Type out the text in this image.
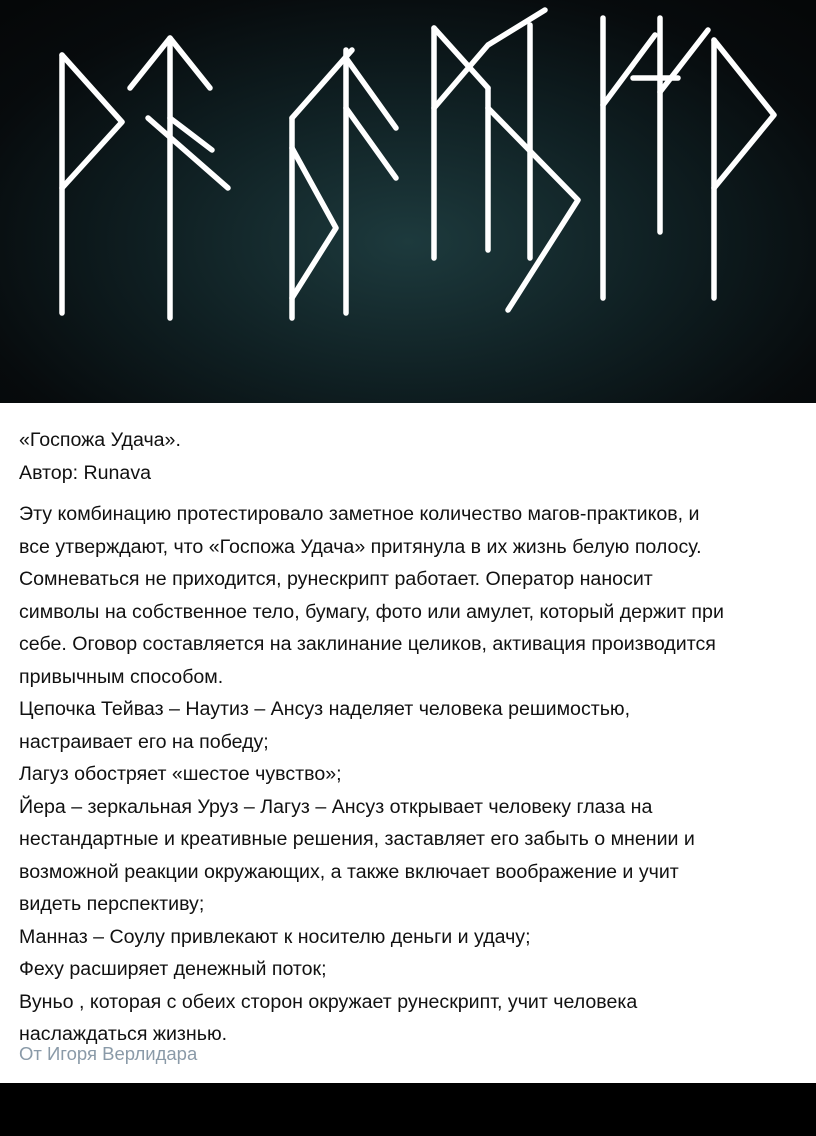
«Госпожа Удача».

Автор: Runava

Эту комбинацию протестировало заметное количество магов-практиков, и

все утверждают, что «Госпожа Удача» притянула в их жизнь белую полосу.

Сомневаться не приходится, рунескрипт работает. Оператор наносит

символы на собственное тело, бумагу, фото или амулет, который держит при

себе. Оговор составляется на заклинание целиков, активация производится

привычным способом.

Цепочка Тейваз – Наутиз – Ансуз наделяет человека решимостью,

настраивает его на победу;

Лагуз обостряет «шестое чувство»;

Йера – зеркальная Уруз – Лагуз – Ансуз открывает человеку глаза на

нестандартные и креативные решения, заставляет его забыть о мнении и

возможной реакции окружающих, а также включает воображение и учит

видеть перспективу;

Манназ – Соулу привлекают к носителю деньги и удачу;

Феху расширяет денежный поток;

Вуньо , которая с обеих сторон окружает рунескрипт, учит человека

наслаждаться жизнью.

От Игоря Верлидара
